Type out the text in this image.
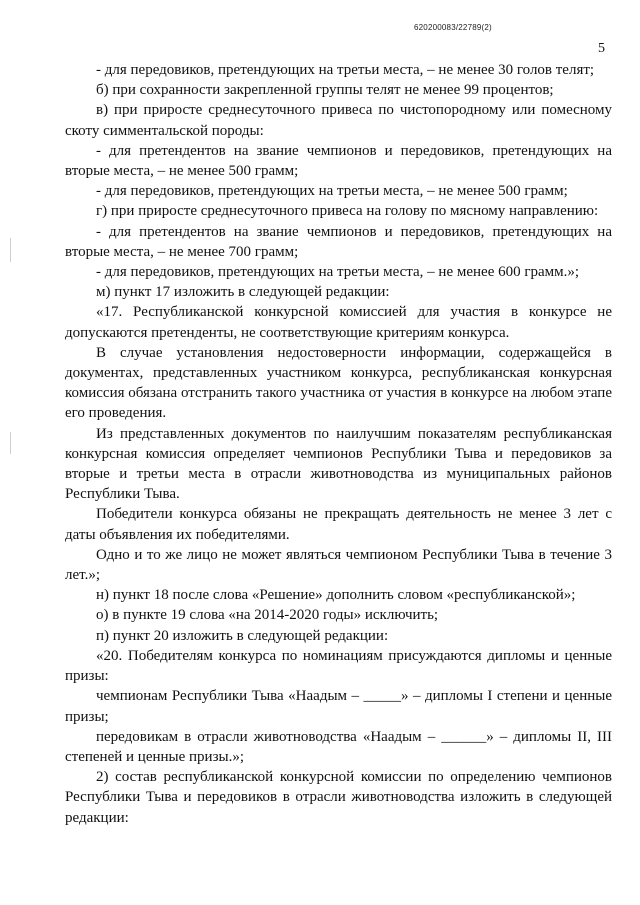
620200083/22789(2)
5

- для передовиков, претендующих на третьи места, – не менее 30 голов телят;

б) при сохранности закрепленной группы телят не менее 99 процентов;

в) при приросте среднесуточного привеса по чистопородному или помесному скоту симментальской породы:

- для претендентов на звание чемпионов и передовиков, претендующих на вторые места, – не менее 500 грамм;

- для передовиков, претендующих на третьи места, – не менее 500 грамм;

г) при приросте среднесуточного привеса на голову по мясному направлению:

- для претендентов на звание чемпионов и передовиков, претендующих на вторые места, – не менее 700 грамм;

- для передовиков, претендующих на третьи места, – не менее 600 грамм.»;

м) пункт 17 изложить в следующей редакции:

«17. Республиканской конкурсной комиссией для участия в конкурсе не допускаются претенденты, не соответствующие критериям конкурса.

В случае установления недостоверности информации, содержащейся в документах, представленных участником конкурса, республиканская конкурсная комиссия обязана отстранить такого участника от участия в конкурсе на любом этапе его проведения.

Из представленных документов по наилучшим показателям республиканская конкурсная комиссия определяет чемпионов Республики Тыва и передовиков за вторые и третьи места в отрасли животноводства из муниципальных районов Республики Тыва.

Победители конкурса обязаны не прекращать деятельность не менее 3 лет с даты объявления их победителями.

Одно и то же лицо не может являться чемпионом Республики Тыва в течение 3 лет.»;

н) пункт 18 после слова «Решение» дополнить словом «республиканской»;

о) в пункте 19 слова «на 2014-2020 годы» исключить;

п) пункт 20 изложить в следующей редакции:

«20. Победителям конкурса по номинациям присуждаются дипломы и ценные призы:

чемпионам Республики Тыва «Наадым – _____» – дипломы I степени и ценные призы;

передовикам в отрасли животноводства «Наадым – ______» – дипломы II, III степеней и ценные призы.»;

2) состав республиканской конкурсной комиссии по определению чемпионов Республики Тыва и передовиков в отрасли животноводства изложить в следующей редакции:
